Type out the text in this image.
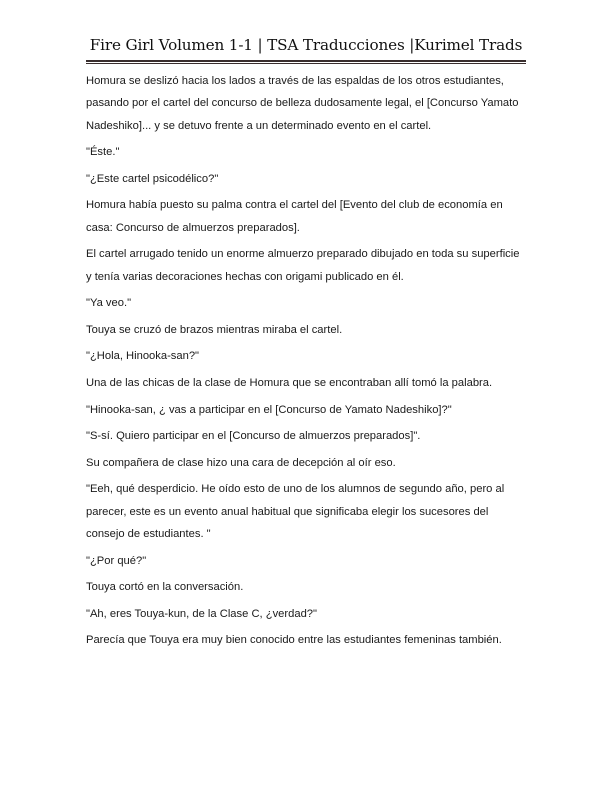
Fire Girl Volumen 1-1 | TSA Traducciones |Kurimel Trads

Homura se deslizó hacia los lados a través de las espaldas de los otros estudiantes, pasando por el cartel del concurso de belleza dudosamente legal, el [Concurso Yamato Nadeshiko]... y se detuvo frente a un determinado evento en el cartel.

"Éste."

"¿Este cartel psicodélico?"

Homura había puesto su palma contra el cartel del [Evento del club de economía en casa: Concurso de almuerzos preparados].

El cartel arrugado tenido un enorme almuerzo preparado dibujado en toda su superficie y tenía varias decoraciones hechas con origami publicado en él.

"Ya veo."

Touya se cruzó de brazos mientras miraba el cartel.

"¿Hola, Hinooka-san?"

Una de las chicas de la clase de Homura que se encontraban allí tomó la palabra.

"Hinooka-san, ¿ vas a participar en el [Concurso de Yamato Nadeshiko]?"

"S-sí. Quiero participar en el [Concurso de almuerzos preparados]".

Su compañera de clase hizo una cara de decepción al oír eso.

"Eeh, qué desperdicio. He oído esto de uno de los alumnos de segundo año, pero al parecer, este es un evento anual habitual que significaba elegir los sucesores del consejo de estudiantes. "

"¿Por qué?"

Touya cortó en la conversación.

"Ah, eres Touya-kun, de la Clase C, ¿verdad?"

Parecía que Touya era muy bien conocido entre las estudiantes femeninas también.
